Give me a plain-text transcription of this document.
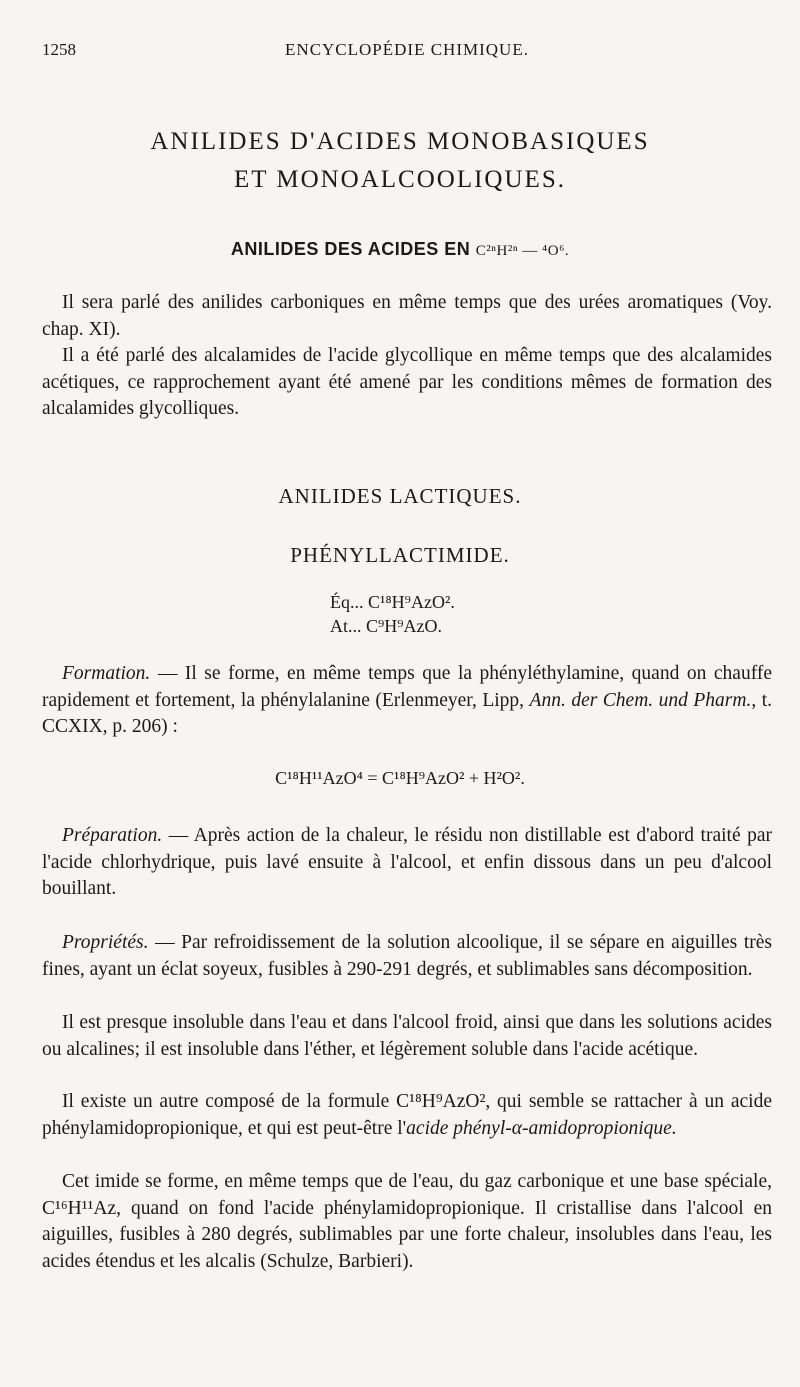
1258	ENCYCLOPÉDIE CHIMIQUE.
ANILIDES D'ACIDES MONOBASIQUES
ET MONOALCOOLIQUES.
ANILIDES DES ACIDES EN C²ⁿH²ⁿ — ⁴O⁶.
Il sera parlé des anilides carboniques en même temps que des urées aromatiques (Voy. chap. XI).
Il a été parlé des alcalamides de l'acide glycollique en même temps que des alcalamides acétiques, ce rapprochement ayant été amené par les conditions mêmes de formation des alcalamides glycolliques.
ANILIDES LACTIQUES.
PHÉNYLLACTIMIDE.
Éq... C¹⁸H⁹AzO².
At... C⁹H⁹AzO.
Formation. — Il se forme, en même temps que la phényléthylamine, quand on chauffe rapidement et fortement, la phénylalanine (Erlenmeyer, Lipp, Ann. der Chem. und Pharm., t. CCXIX, p. 206) :
C¹⁸H¹¹AzO⁴ = C¹⁸H⁹AzO² + H²O².
Préparation. — Après action de la chaleur, le résidu non distillable est d'abord traité par l'acide chlorhydrique, puis lavé ensuite à l'alcool, et enfin dissous dans un peu d'alcool bouillant.
Propriétés. — Par refroidissement de la solution alcoolique, il se sépare en aiguilles très fines, ayant un éclat soyeux, fusibles à 290-291 degrés, et sublimables sans décomposition.
Il est presque insoluble dans l'eau et dans l'alcool froid, ainsi que dans les solutions acides ou alcalines; il est insoluble dans l'éther, et légèrement soluble dans l'acide acétique.
Il existe un autre composé de la formule C¹⁸H⁹AzO², qui semble se rattacher à un acide phénylamidopropionique, et qui est peut-être l'acide phényl-α-amidopropionique.
Cet imide se forme, en même temps que de l'eau, du gaz carbonique et une base spéciale, C¹⁶H¹¹Az, quand on fond l'acide phénylamidopropionique. Il cristallise dans l'alcool en aiguilles, fusibles à 280 degrés, sublimables par une forte chaleur, insolubles dans l'eau, les acides étendus et les alcalis (Schulze, Barbieri).
